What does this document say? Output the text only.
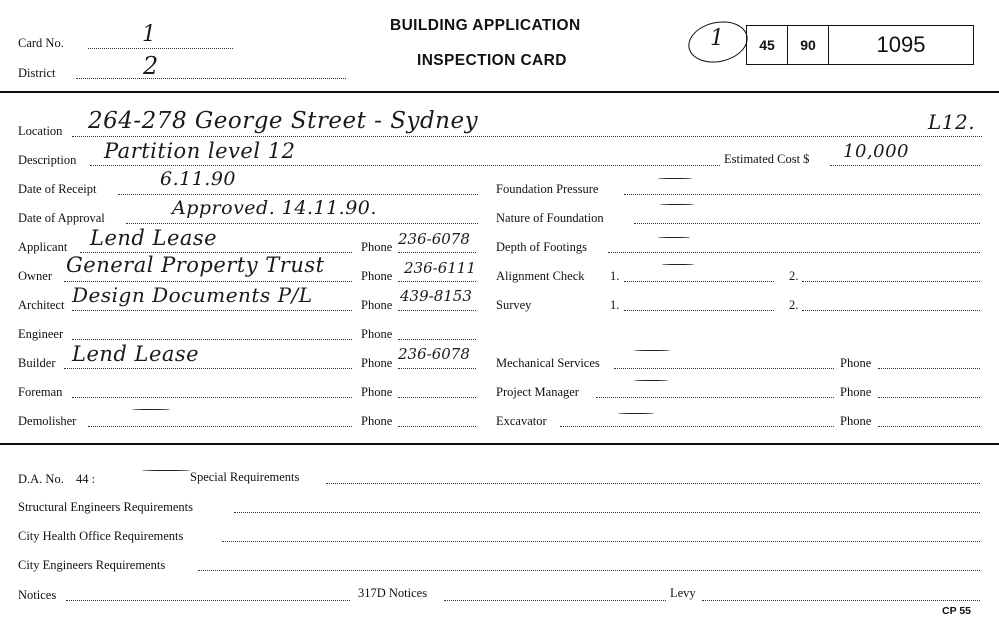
Card No.	1
District	2
BUILDING APPLICATION
INSPECTION CARD
1 45 90	1095
Location 264-278 George Street - Sydney	L12.
Description Partition level 12	Estimated Cost $ 10,000
Date of Receipt	6.11.90
Date of Approval	Approved. 14.11.90.
Applicant Lend Lease	Phone 236-6078
Owner General Property Trust	Phone 236-6111
Architect Design Documents P/L	Phone 439-8153
Engineer	Phone
Builder Lend Lease	Phone 236-6078
Foreman	Phone
Demolisher	Phone
Foundation Pressure
Nature of Foundation
Depth of Footings
Alignment Check 1.	2.
Survey	1.	2.
Mechanical Services	Phone
Project Manager	Phone
Excavator	Phone
D.A. No. 44 :	Special Requirements
Structural Engineers Requirements
City Health Office Requirements
City Engineers Requirements
Notices	317D Notices	Levy
CP 55
